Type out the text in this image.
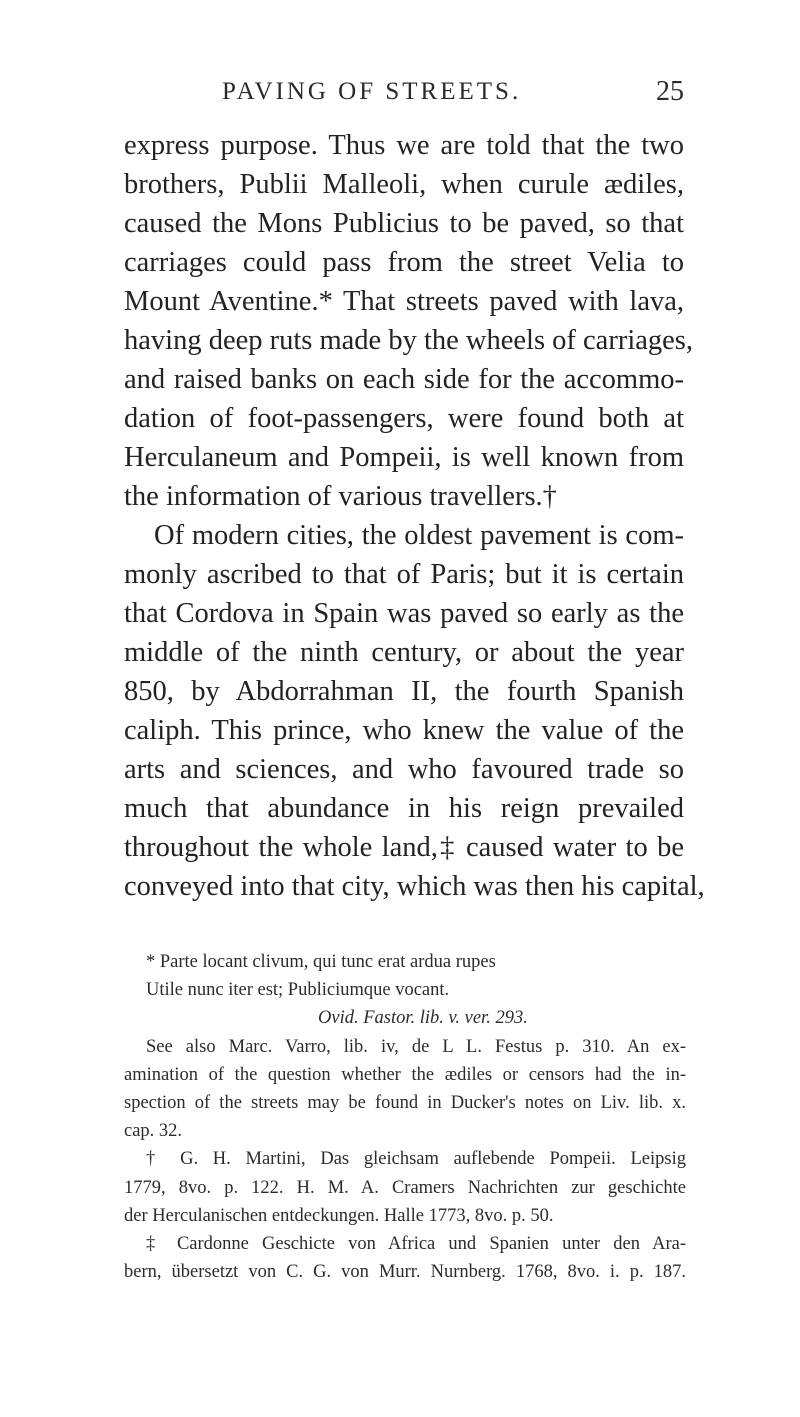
PAVING OF STREETS.	25
express purpose. Thus we are told that the two
brothers, Publii Malleoli, when curule ædiles,
caused the Mons Publicius to be paved, so that
carriages could pass from the street Velia to
Mount Aventine.* That streets paved with lava,
having deep ruts made by the wheels of carriages,
and raised banks on each side for the accommo-
dation of foot-passengers, were found both at
Herculaneum and Pompeii, is well known from
the information of various travellers.†
Of modern cities, the oldest pavement is com-
monly ascribed to that of Paris; but it is certain
that Cordova in Spain was paved so early as the
middle of the ninth century, or about the year
850, by Abdorrahman II, the fourth Spanish
caliph. This prince, who knew the value of the
arts and sciences, and who favoured trade so
much that abundance in his reign prevailed
throughout the whole land,‡ caused water to be
conveyed into that city, which was then his capital,
* Parte locant clivum, qui tunc erat ardua rupes
Utile nunc iter est; Publiciumque vocant.
Ovid. Fastor. lib. v. ver. 293.
See also Marc. Varro, lib. iv, de L L. Festus p. 310. An ex-
amination of the question whether the ædiles or censors had the in-
spection of the streets may be found in Ducker's notes on Liv. lib. x.
cap. 32.
† G. H. Martini, Das gleichsam auflebende Pompeii. Leipsig
1779, 8vo. p. 122. H. M. A. Cramers Nachrichten zur geschichte
der Herculanischen entdeckungen. Halle 1773, 8vo. p. 50.
‡ Cardonne Geschicte von Africa und Spanien unter den Ara-
bern, übersetzt von C. G. von Murr. Nurnberg. 1768, 8vo. i. p. 187.
